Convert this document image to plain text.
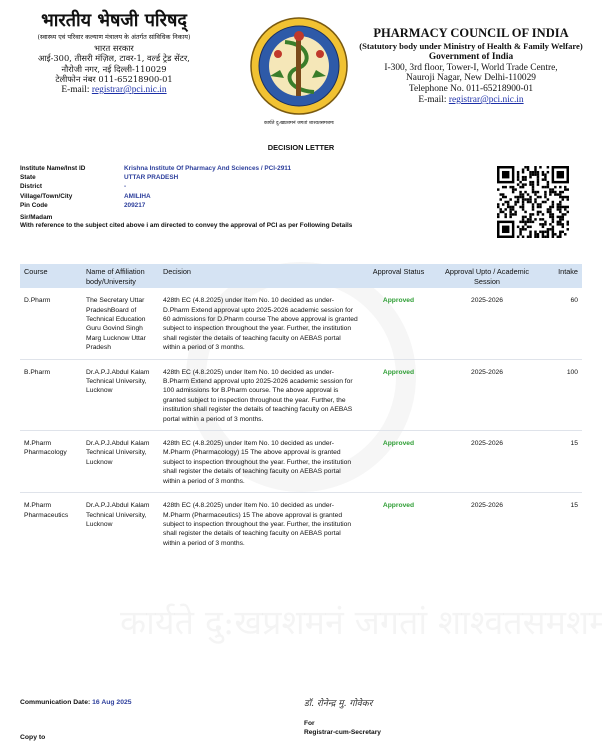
भारतीय भेषजी परिषद्
(स्वास्थ्य एवं परिवार कल्याण मंत्रालय के अंतर्गत सांविधिक निकाय)
भारत सरकार
आई-300, तीसरी मंज़िल, टावर-1, वर्ल्ड ट्रेड सेंटर,
नौरोजी नगर, नई दिल्ली-110029
टेलीफोन नंबर 011-65218900-01
E-mail: registrar@pci.nic.in
कार्यते दु:खप्रशमनं जगतां शाश्वतसमशमः
PHARMACY COUNCIL OF INDIA
(Statutory body under Ministry of Health & Family Welfare)
Government of India
I-300, 3rd floor, Tower-I, World Trade Centre,
Nauroji Nagar, New Delhi-110029
Telephone No. 011-65218900-01
E-mail: registrar@pci.nic.in
DECISION LETTER
Institute Name/Inst ID	Krishna Institute Of Pharmacy And Sciences / PCI-2911
State	UTTAR PRADESH
District	-
Village/Town/City	AMILIHA
Pin Code	209217
Sir/Madam
With reference to the subject cited above i am directed to convey the approval of PCI as per Following Details
Course	Name of Affiliation body/University	Decision	Approval Status	Approval Upto / Academic Session	Intake
D.Pharm	The Secretary Uttar PradeshBoard of Technical Education Guru Govind Singh Marg Lucknow Uttar Pradesh	428th EC (4.8.2025) under Item No. 10 decided as under- D.Pharm Extend approval upto 2025-2026 academic session for 60 admissions for D.Pharm course The above approval is granted subject to inspection throughout the year. Further, the institution shall register the details of teaching faculty on AEBAS portal within a period of 3 months.	Approved	2025-2026	60
B.Pharm	Dr.A.P.J.Abdul Kalam Technical University, Lucknow	428th EC (4.8.2025) under Item No. 10 decided as under- B.Pharm Extend approval upto 2025-2026 academic session for 100 admissions for B.Pharm course. The above approval is granted subject to inspection throughout the year. Further, the institution shall register the details of teaching faculty on AEBAS portal within a period of 3 months.	Approved	2025-2026	100
M.Pharm Pharmacology	Dr.A.P.J.Abdul Kalam Technical University, Lucknow	428th EC (4.8.2025) under Item No. 10 decided as under- M.Pharm (Pharmacology) 15 The above approval is granted subject to inspection throughout the year. Further, the institution shall register the details of teaching faculty on AEBAS portal within a period of 3 months.	Approved	2025-2026	15
M.Pharm Pharmaceutics	Dr.A.P.J.Abdul Kalam Technical University, Lucknow	428th EC (4.8.2025) under Item No. 10 decided as under- M.Pharm (Pharmaceutics) 15 The above approval is granted subject to inspection throughout the year. Further, the institution shall register the details of teaching faculty on AEBAS portal within a period of 3 months.	Approved	2025-2026	15
Communication Date: 16 Aug 2025	डॉ. रोनेन्द्र मु. गोवेकर
For
Registrar-cum-Secretary
Copy to
